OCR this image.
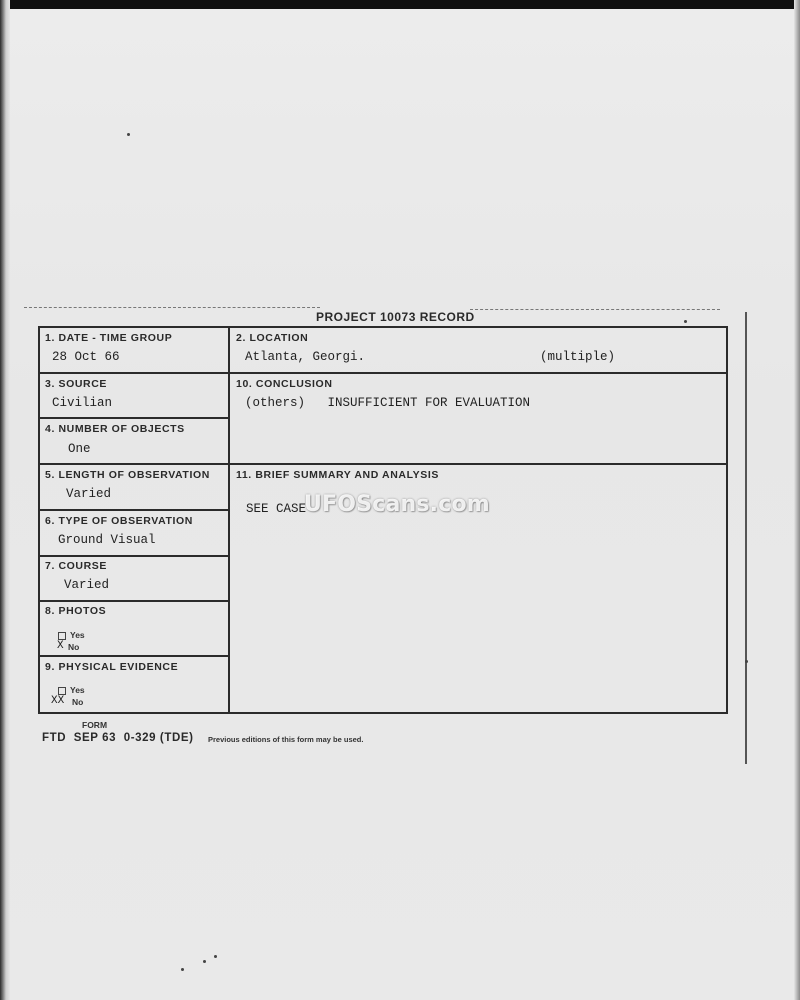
PROJECT 10073 RECORD
1. DATE - TIME GROUP
28 Oct 66
2. LOCATION
Atlanta, Georgi.	(multiple)
3. SOURCE
Civilian
10. CONCLUSION
(others)   INSUFFICIENT FOR EVALUATION
4. NUMBER OF OBJECTS
One
5. LENGTH OF OBSERVATION
Varied
11. BRIEF SUMMARY AND ANALYSIS
SEE CASE
6. TYPE OF OBSERVATION
Ground Visual
7. COURSE
Varied
8. PHOTOS
Yes
No
X
9. PHYSICAL EVIDENCE
Yes
No
XX
FORM
FTD  SEP 63  0-329 (TDE) Previous editions of this form may be used.
UFOScans.com
